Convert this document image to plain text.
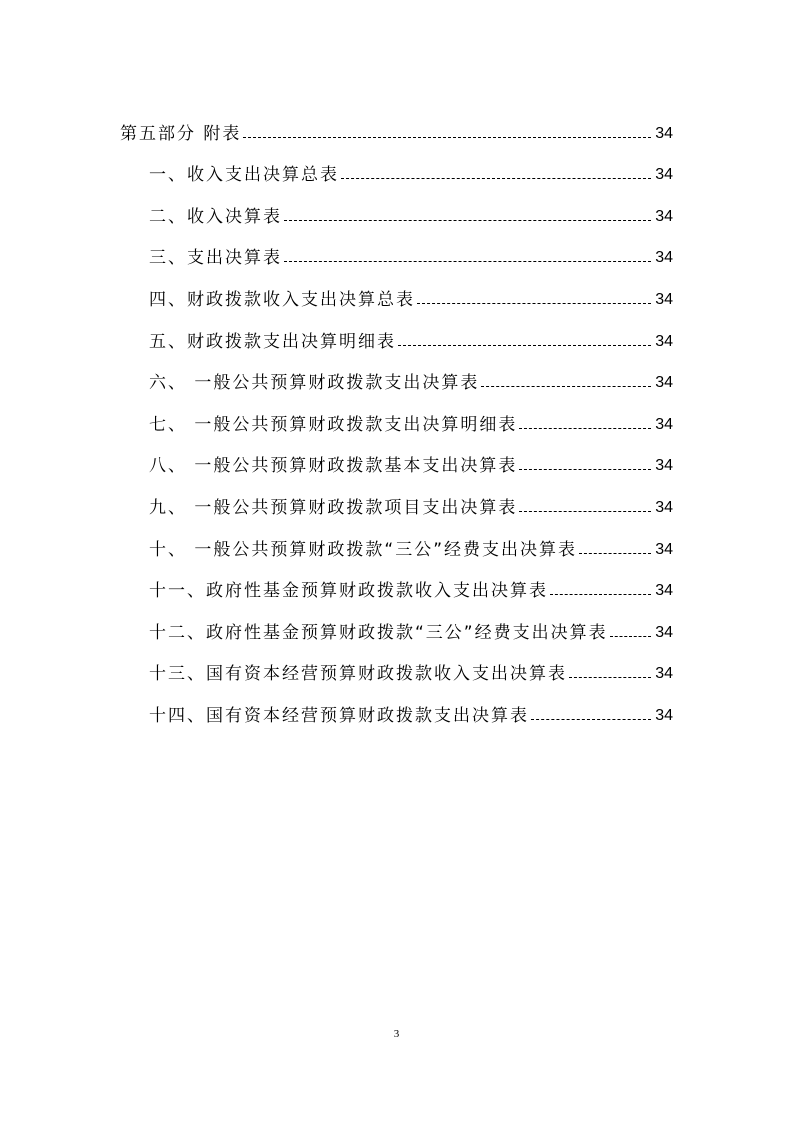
第五部分 附表	34
一、收入支出决算总表	34
二、收入决算表	34
三、支出决算表	34
四、财政拨款收入支出决算总表	34
五、财政拨款支出决算明细表	34
六、 一般公共预算财政拨款支出决算表	34
七、 一般公共预算财政拨款支出决算明细表	34
八、 一般公共预算财政拨款基本支出决算表	34
九、 一般公共预算财政拨款项目支出决算表	34
十、 一般公共预算财政拨款“三公”经费支出决算表	34
十一、政府性基金预算财政拨款收入支出决算表	34
十二、政府性基金预算财政拨款“三公”经费支出决算表	34
十三、国有资本经营预算财政拨款收入支出决算表	34
十四、国有资本经营预算财政拨款支出决算表	34
3
